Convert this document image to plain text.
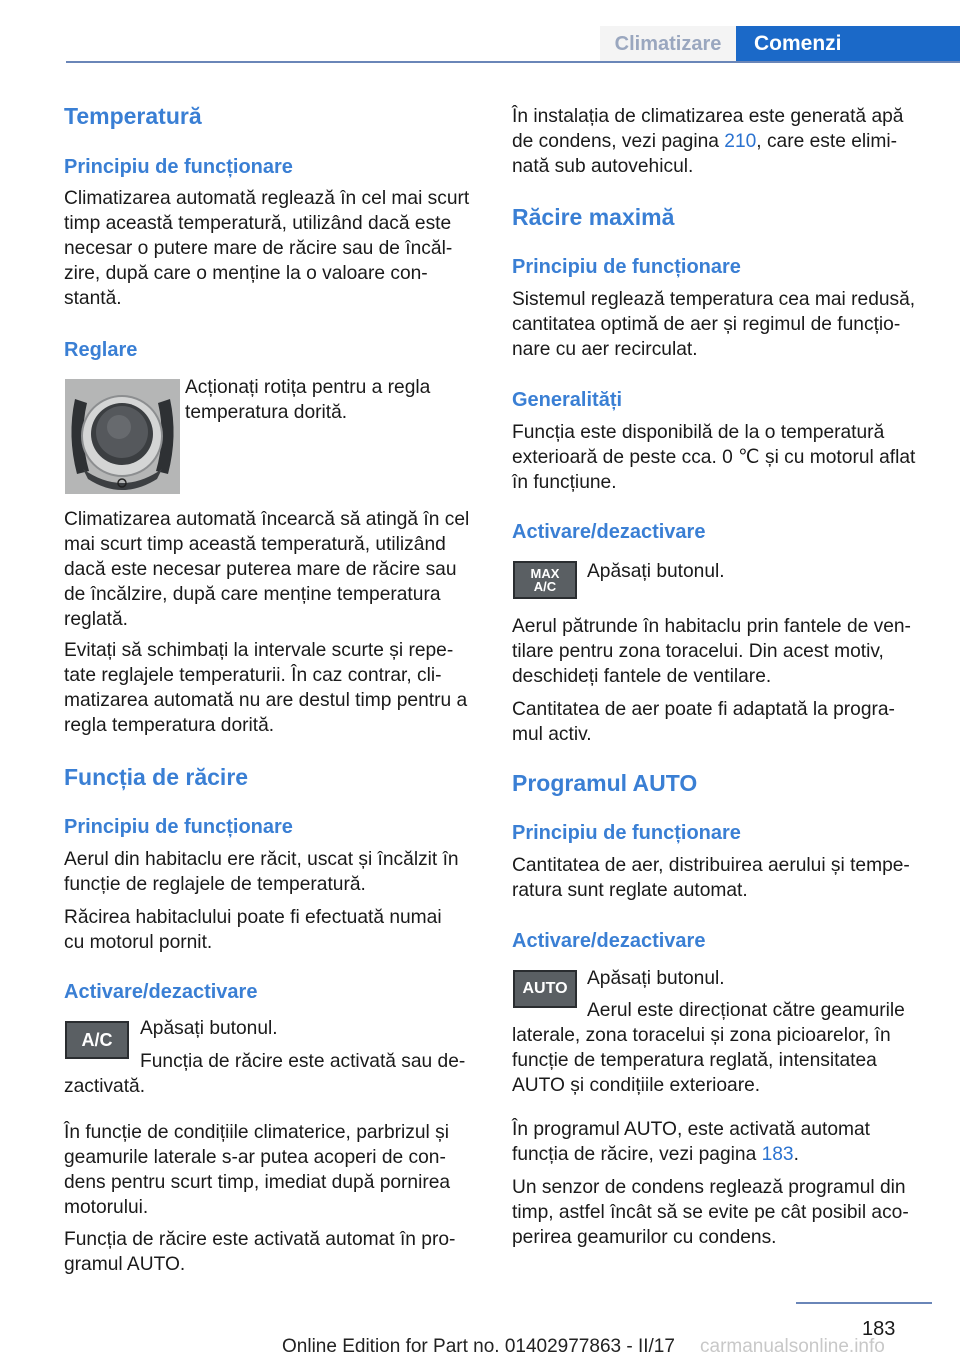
Climatizare	Comenzi
Temperatură
Principiu de funcționare
Climatizarea automată reglează în cel mai scurt
timp această temperatură, utilizând dacă este
necesar o putere mare de răcire sau de încăl‐
zire, după care o menține la o valoare con‐
stantă.
Reglare
Acționați rotița pentru a regla
temperatura dorită.
Climatizarea automată încearcă să atingă în cel
mai scurt timp această temperatură, utilizând
dacă este necesar puterea mare de răcire sau
de încălzire, după care menține temperatura
reglată.
Evitați să schimbați la intervale scurte și repe‐
tate reglajele temperaturii. În caz contrar, cli‐
matizarea automată nu are destul timp pentru a
regla temperatura dorită.
Funcția de răcire
Principiu de funcționare
Aerul din habitaclu ere răcit, uscat și încălzit în
funcție de reglajele de temperatură.
Răcirea habitaclului poate fi efectuată numai
cu motorul pornit.
Activare/dezactivare
A/C
Apăsați butonul.
Funcția de răcire este activată sau de‐
zactivată.
În funcție de condițiile climaterice, parbrizul și
geamurile laterale s-ar putea acoperi de con‐
dens pentru scurt timp, imediat după pornirea
motorului.
Funcția de răcire este activată automat în pro‐
gramul AUTO.
În instalația de climatizarea este generată apă
de condens, vezi pagina 210, care este elimi‐
nată sub autovehicul.
Răcire maximă
Principiu de funcționare
Sistemul reglează temperatura cea mai redusă,
cantitatea optimă de aer și regimul de funcțio‐
nare cu aer recirculat.
Generalități
Funcția este disponibilă de la o temperatură
exterioară de peste cca. 0 ℃ și cu motorul aflat
în funcțiune.
Activare/dezactivare
MAX
A/C
Apăsați butonul.
Aerul pătrunde în habitaclu prin fantele de ven‐
tilare pentru zona toracelui. Din acest motiv,
deschideți fantele de ventilare.
Cantitatea de aer poate fi adaptată la progra‐
mul activ.
Programul AUTO
Principiu de funcționare
Cantitatea de aer, distribuirea aerului și tempe‐
ratura sunt reglate automat.
Activare/dezactivare
AUTO Apăsați butonul.
Aerul este direcționat către geamurile
laterale, zona toracelui și zona picioarelor, în
funcție de temperatura reglată, intensitatea
AUTO și condițiile exterioare.
În programul AUTO, este activată automat
funcția de răcire, vezi pagina 183.
Un senzor de condens reglează programul din
timp, astfel încât să se evite pe cât posibil aco‐
perirea geamurilor cu condens.
183
Online Edition for Part no. 01402977863 - II/17 carmanualsonline.info
